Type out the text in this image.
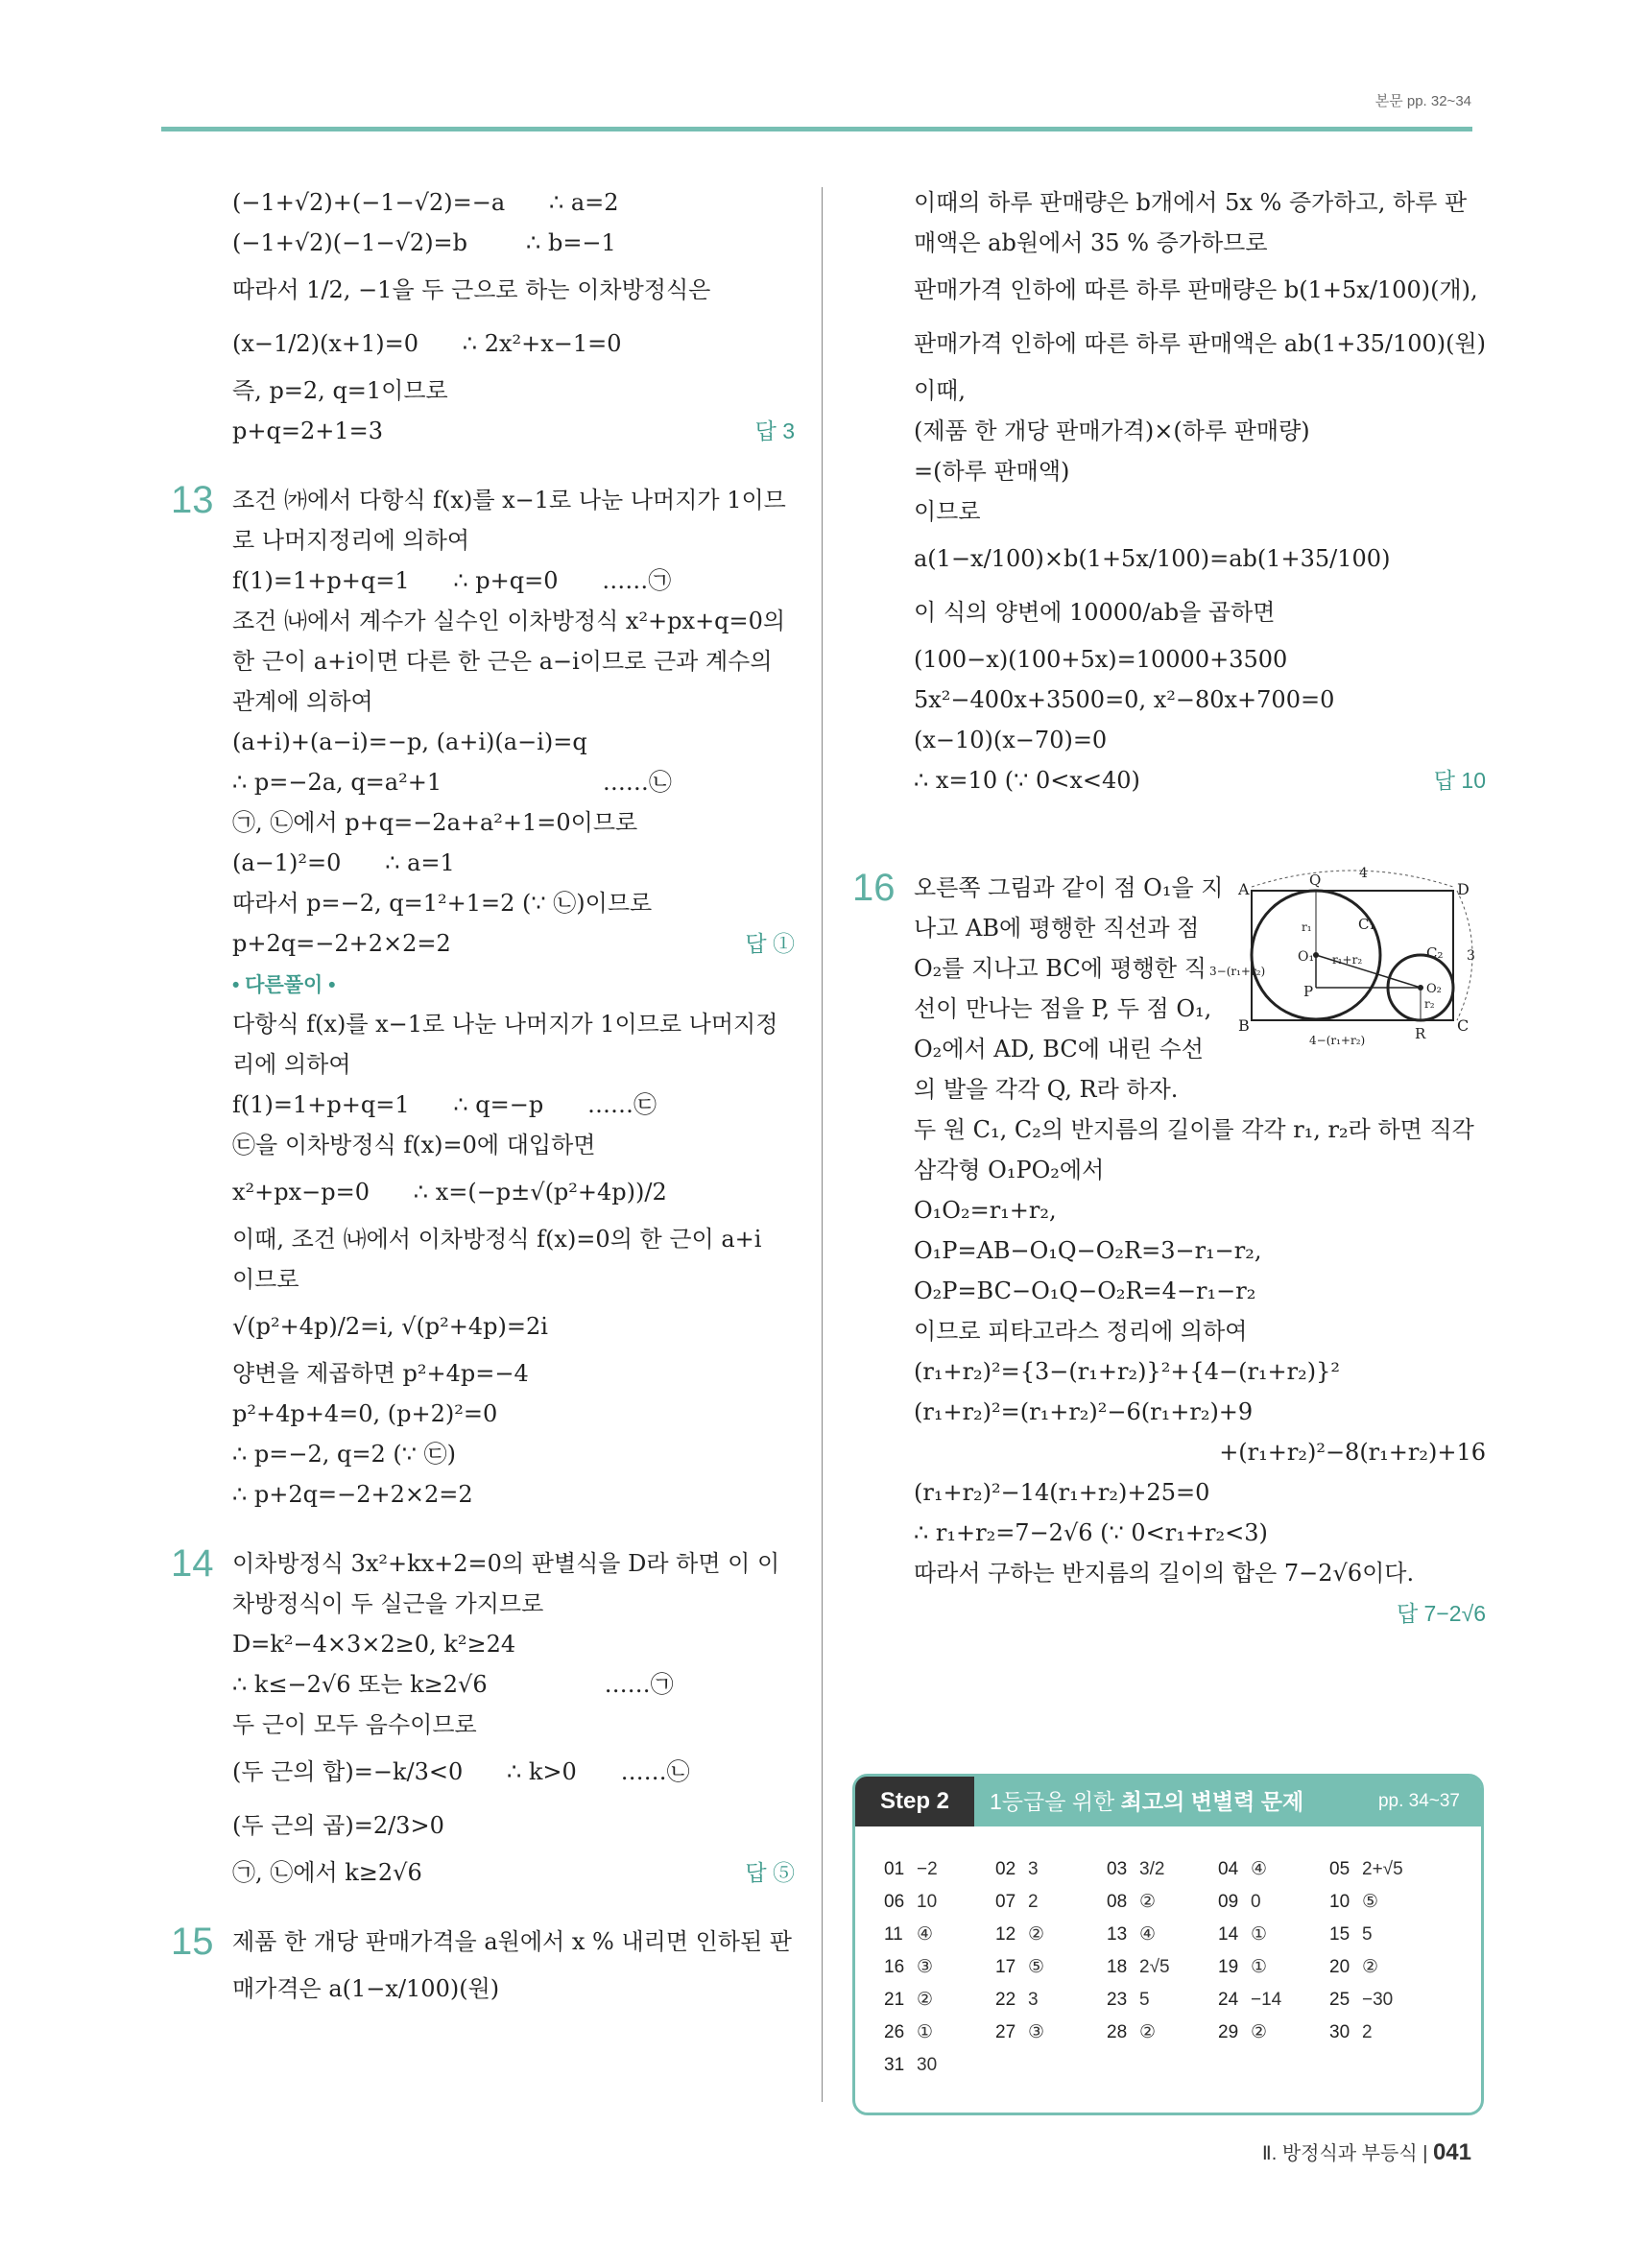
본문 pp. 32~34
(−1+√2)+(−1−√2)=−a      ∴ a=2
(−1+√2)(−1−√2)=b        ∴ b=−1
따라서 1/2, −1을 두 근으로 하는 이차방정식은
(x−1/2)(x+1)=0      ∴ 2x²+x−1=0
즉, p=2, q=1이므로
p+q=2+1=3	답 3
13 조건 ㈎에서 다항식 f(x)를 x−1로 나눈 나머지가 1이므
로 나머지정리에 의하여
f(1)=1+p+q=1      ∴ p+q=0      ……㉠
조건 ㈏에서 계수가 실수인 이차방정식 x²+px+q=0의
한 근이 a+i이면 다른 한 근은 a−i이므로 근과 계수의
관계에 의하여
(a+i)+(a−i)=−p, (a+i)(a−i)=q
∴ p=−2a, q=a²+1                      ……㉡
㉠, ㉡에서 p+q=−2a+a²+1=0이므로
(a−1)²=0      ∴ a=1
따라서 p=−2, q=1²+1=2 (∵ ㉡)이므로
p+2q=−2+2×2=2	답 ①
• 다른풀이 •
다항식 f(x)를 x−1로 나눈 나머지가 1이므로 나머지정
리에 의하여
f(1)=1+p+q=1      ∴ q=−p      ……㉢
㉢을 이차방정식 f(x)=0에 대입하면
x²+px−p=0      ∴ x=(−p±√(p²+4p))/2
이때, 조건 ㈏에서 이차방정식 f(x)=0의 한 근이 a+i
이므로
√(p²+4p)/2=i, √(p²+4p)=2i
양변을 제곱하면 p²+4p=−4
p²+4p+4=0, (p+2)²=0
∴ p=−2, q=2 (∵ ㉢)
∴ p+2q=−2+2×2=2
14 이차방정식 3x²+kx+2=0의 판별식을 D라 하면 이 이
차방정식이 두 실근을 가지므로
D=k²−4×3×2≥0, k²≥24
∴ k≤−2√6 또는 k≥2√6                ……㉠
두 근이 모두 음수이므로
(두 근의 합)=−k/3<0      ∴ k>0      ……㉡
(두 근의 곱)=2/3>0
㉠, ㉡에서 k≥2√6	답 ⑤
15 제품 한 개당 판매가격을 a원에서 x % 내리면 인하된 판
매가격은 a(1−x/100)(원)
이때의 하루 판매량은 b개에서 5x % 증가하고, 하루 판
매액은 ab원에서 35 % 증가하므로
판매가격 인하에 따른 하루 판매량은 b(1+5x/100)(개),
판매가격 인하에 따른 하루 판매액은 ab(1+35/100)(원)
이때,
(제품 한 개당 판매가격)×(하루 판매량)
=(하루 판매액)
이므로
a(1−x/100)×b(1+5x/100)=ab(1+35/100)
이 식의 양변에 10000/ab을 곱하면
(100−x)(100+5x)=10000+3500
5x²−400x+3500=0, x²−80x+700=0
(x−10)(x−70)=0
∴ x=10 (∵ 0<x<40)	답 10
A	D
B	C
Q	4
3
C₁
C₂
O₁
O₂
P
R
r₁
r₂
r₁+r₂
3−(r₁+r₂)
4−(r₁+r₂)
16 오른쪽 그림과 같이 점 O₁을 지
나고 AB에 평행한 직선과 점
O₂를 지나고 BC에 평행한 직
선이 만나는 점을 P, 두 점 O₁,
O₂에서 AD, BC에 내린 수선
의 발을 각각 Q, R라 하자.
두 원 C₁, C₂의 반지름의 길이를 각각 r₁, r₂라 하면 직각
삼각형 O₁PO₂에서
O₁O₂=r₁+r₂,
O₁P=AB−O₁Q−O₂R=3−r₁−r₂,
O₂P=BC−O₁Q−O₂R=4−r₁−r₂
이므로 피타고라스 정리에 의하여
(r₁+r₂)²={3−(r₁+r₂)}²+{4−(r₁+r₂)}²
(r₁+r₂)²=(r₁+r₂)²−6(r₁+r₂)+9
+(r₁+r₂)²−8(r₁+r₂)+16
(r₁+r₂)²−14(r₁+r₂)+25=0
∴ r₁+r₂=7−2√6 (∵ 0<r₁+r₂<3)
따라서 구하는 반지름의 길이의 합은 7−2√6이다.
답 7−2√6
Step 2	1등급을 위한 최고의 변별력 문제	pp. 34~37
01 −2	02 3	03 3/2	04 ④	05 2+√5
06 10	07 2	08 ②	09 0	10 ⑤
11 ④	12 ②	13 ④	14 ①	15 5
16 ③	17 ⑤	18 2√5	19 ①	20 ②
21 ②	22 3	23 5	24 −14	25 −30
26 ①	27 ③	28 ②	29 ②	30 2
31 30
Ⅱ. 방정식과 부등식 | 041
